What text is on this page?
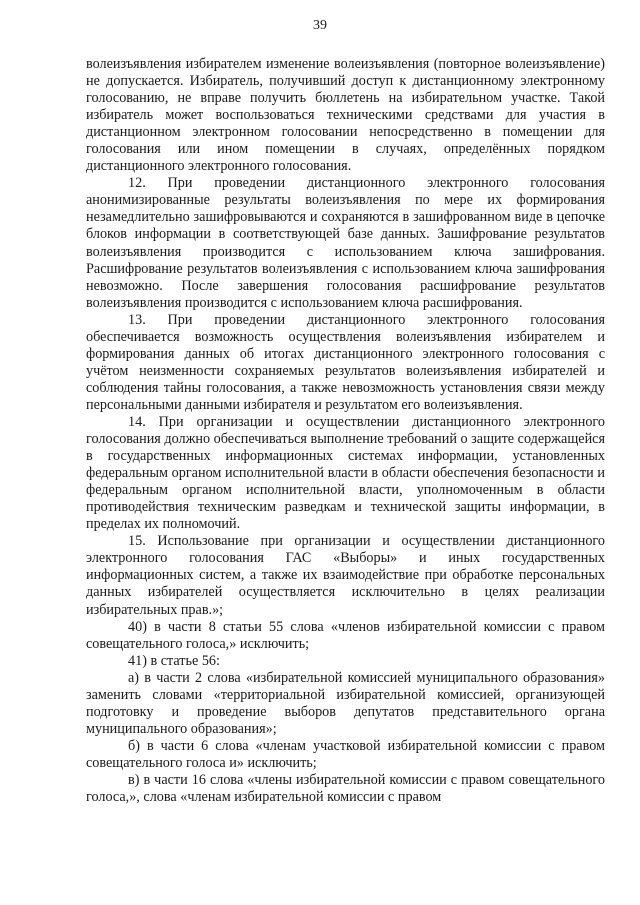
39

волеизъявления избирателем изменение волеизъявления (повторное волеизъявление) не допускается. Избиратель, получивший доступ к дистанционному электронному голосованию, не вправе получить бюллетень на избирательном участке. Такой избиратель может воспользоваться техническими средствами для участия в дистанционном электронном голосовании непосредственно в помещении для голосования или ином помещении в случаях, определённых порядком дистанционного электронного голосования.

12. При проведении дистанционного электронного голосования анонимизированные результаты волеизъявления по мере их формирования незамедлительно зашифровываются и сохраняются в зашифрованном виде в цепочке блоков информации в соответствующей базе данных. Зашифрование результатов волеизъявления производится с использованием ключа зашифрования. Расшифрование результатов волеизъявления с использованием ключа зашифрования невозможно. После завершения голосования расшифрование результатов волеизъявления производится с использованием ключа расшифрования.

13. При проведении дистанционного электронного голосования обеспечивается возможность осуществления волеизъявления избирателем и формирования данных об итогах дистанционного электронного голосования с учётом неизменности сохраняемых результатов волеизъявления избирателей и соблюдения тайны голосования, а также невозможность установления связи между персональными данными избирателя и результатом его волеизъявления.

14. При организации и осуществлении дистанционного электронного голосования должно обеспечиваться выполнение требований о защите содержащейся в государственных информационных системах информации, установленных федеральным органом исполнительной власти в области обеспечения безопасности и федеральным органом исполнительной власти, уполномоченным в области противодействия техническим разведкам и технической защиты информации, в пределах их полномочий.

15. Использование при организации и осуществлении дистанционного электронного голосования ГАС «Выборы» и иных государственных информационных систем, а также их взаимодействие при обработке персональных данных избирателей осуществляется исключительно в целях реализации избирательных прав.»;

40) в части 8 статьи 55 слова «членов избирательной комиссии с правом совещательного голоса,» исключить;

41) в статье 56:

а) в части 2 слова «избирательной комиссией муниципального образования» заменить словами «территориальной избирательной комиссией, организующей подготовку и проведение выборов депутатов представительного органа муниципального образования»;

б) в части 6 слова «членам участковой избирательной комиссии с правом совещательного голоса и» исключить;

в) в части 16 слова «члены избирательной комиссии с правом совещательного голоса,», слова «членам избирательной комиссии с правом
